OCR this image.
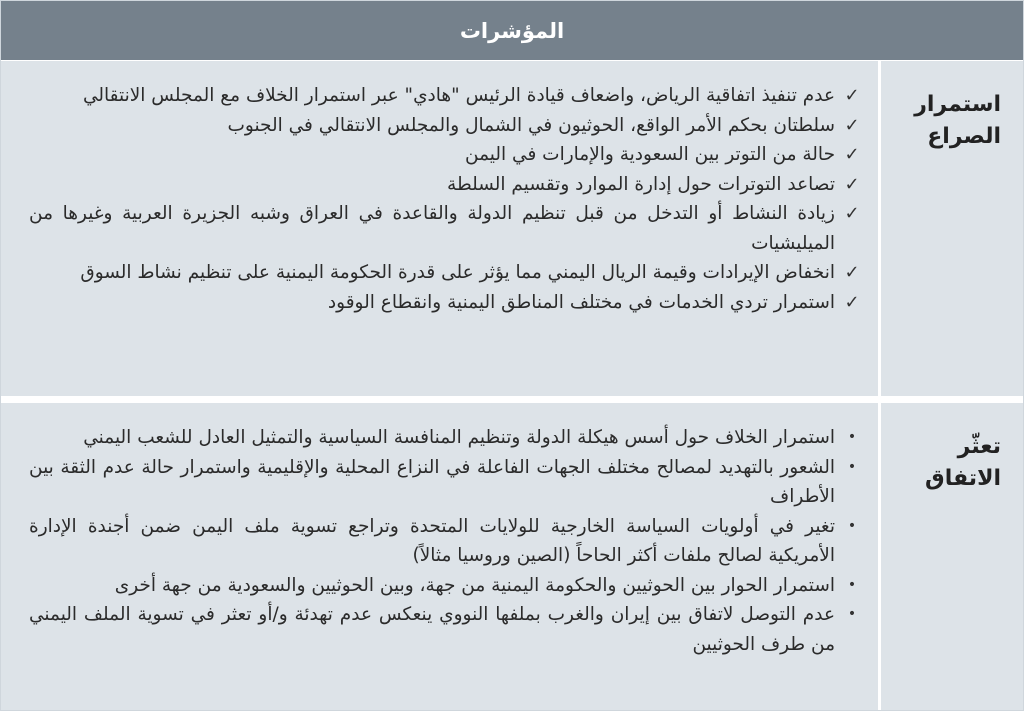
المؤشرات
استمرار
الصراع
✓
عدم تنفيذ اتفاقية الرياض، واضعاف قيادة الرئيس "هادي" عبر استمرار الخلاف مع المجلس الانتقالي
✓
سلطتان بحكم الأمر الواقع، الحوثيون في الشمال والمجلس الانتقالي في الجنوب
✓
حالة من التوتر بين السعودية والإمارات في اليمن
✓
تصاعد التوترات حول إدارة الموارد وتقسيم السلطة
✓
زيادة النشاط أو التدخل من قبل تنظيم الدولة والقاعدة في العراق وشبه الجزيرة العربية وغيرها من الميليشيات
✓
انخفاض الإيرادات وقيمة الريال اليمني مما يؤثر على قدرة الحكومة اليمنية على تنظيم نشاط السوق
✓
استمرار تردي الخدمات في مختلف المناطق اليمنية وانقطاع الوقود
تعثّر الاتفاق
•
استمرار الخلاف حول أسس هيكلة الدولة وتنظيم المنافسة السياسية والتمثيل العادل للشعب اليمني
•
الشعور بالتهديد لمصالح مختلف الجهات الفاعلة في النزاع المحلية والإقليمية واستمرار حالة عدم الثقة بين الأطراف
•
تغير في أولويات السياسة الخارجية للولايات المتحدة وتراجع تسوية ملف اليمن ضمن أجندة الإدارة الأمريكية لصالح ملفات أكثر الحاحاً (الصين وروسيا مثالاً)
•
استمرار الحوار بين الحوثيين والحكومة اليمنية من جهة، وبين الحوثيين والسعودية من جهة أخرى
•
عدم التوصل لاتفاق بين إيران والغرب بملفها النووي ينعكس عدم تهدئة و/أو تعثر في تسوية الملف اليمني من طرف الحوثيين
